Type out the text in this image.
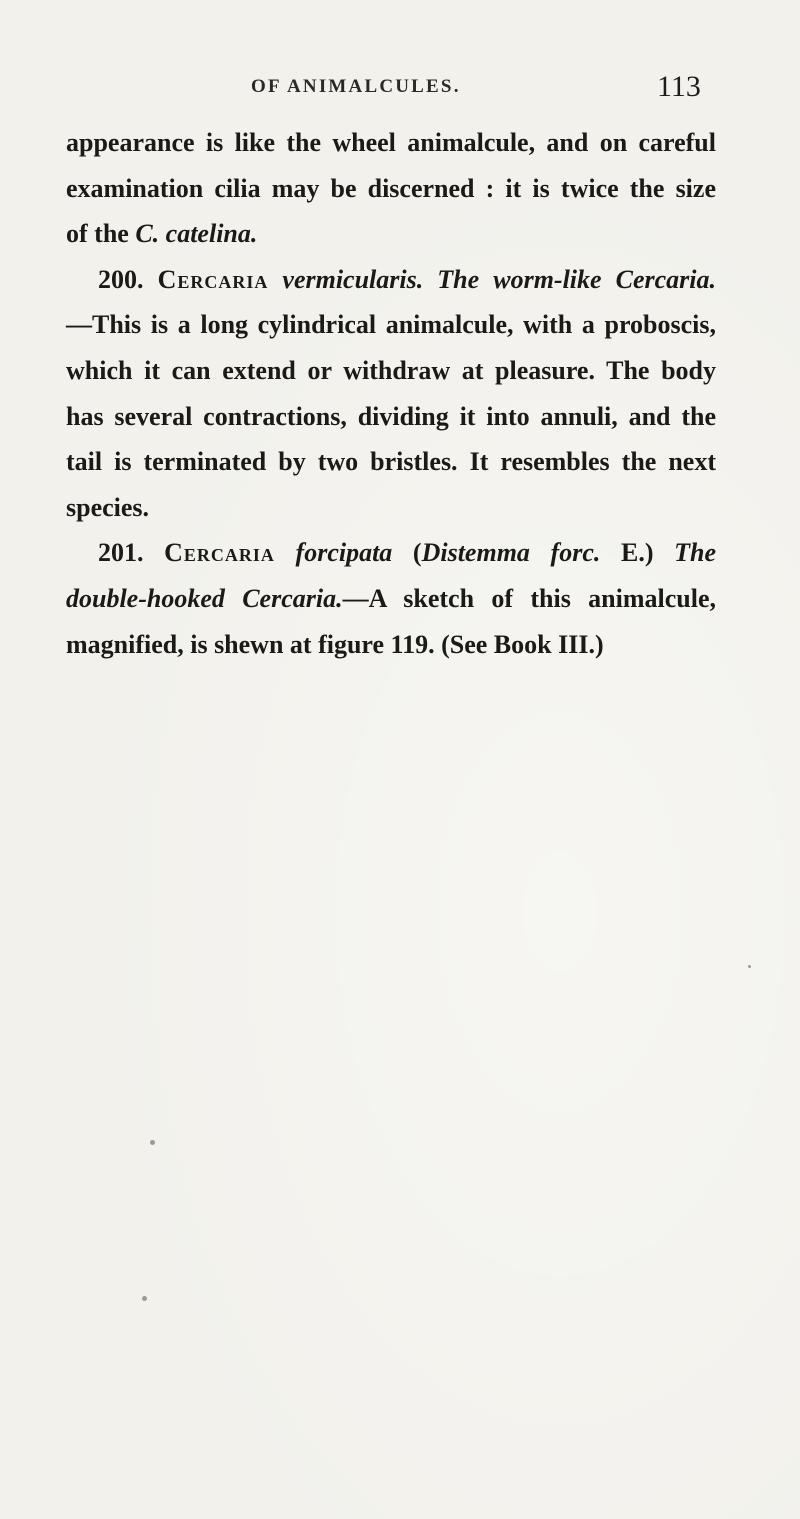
OF ANIMALCULES.	113

appearance is like the wheel animalcule, and on careful
examination cilia may be discerned : it is twice the size
of the C. catelina.

200. Cercaria vermicularis. The worm-like Cercaria.
—This is a long cylindrical animalcule, with a proboscis,
which it can extend or withdraw at pleasure. The body
has several contractions, dividing it into annuli, and the
tail is terminated by two bristles. It resembles the next
species.

201. Cercaria forcipata (Distemma forc. E.) The
double-hooked Cercaria.—A sketch of this animalcule,
magnified, is shewn at figure 119. (See Book III.)
